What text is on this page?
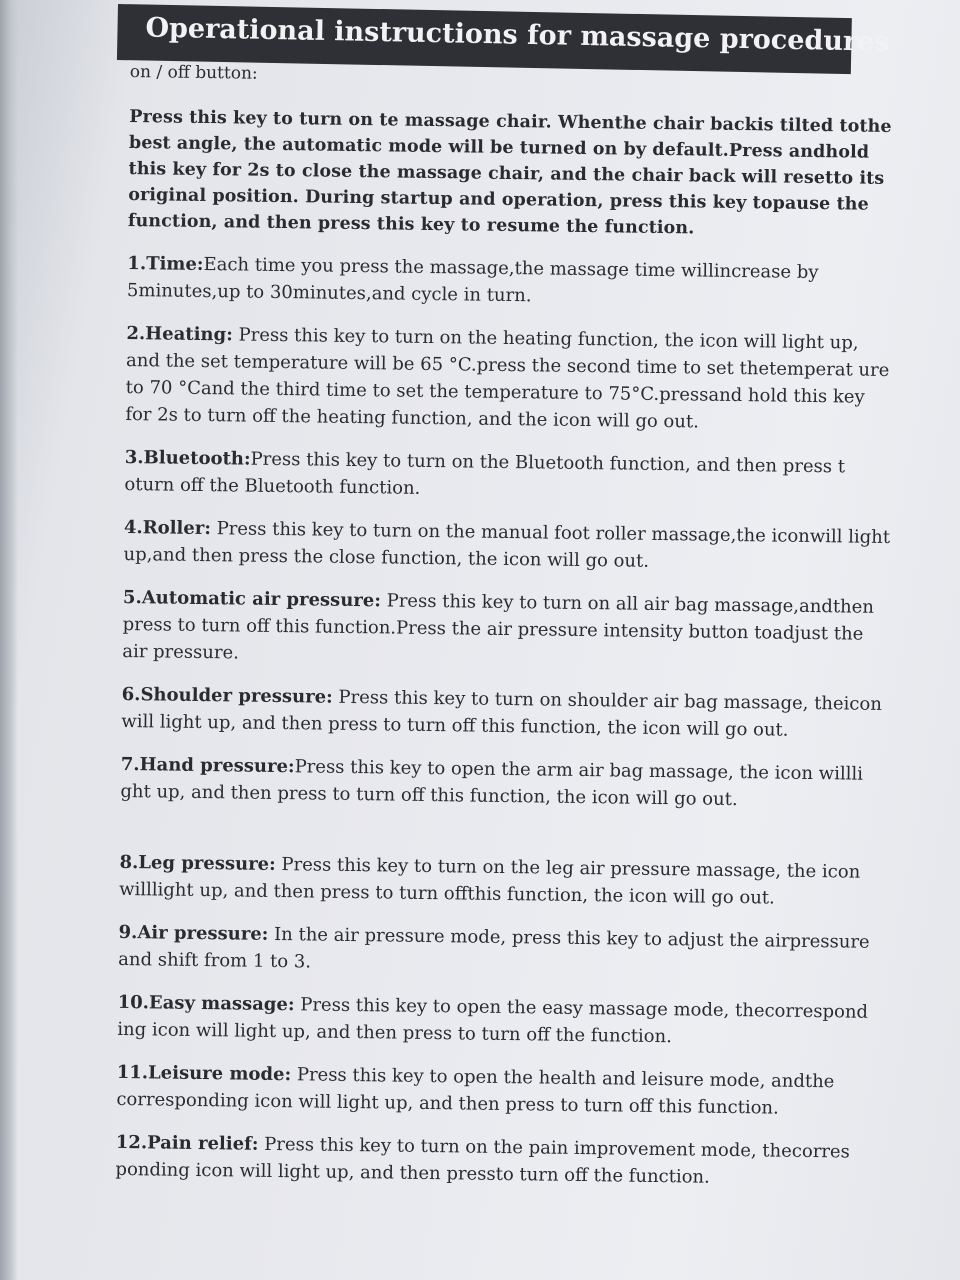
Operational instructions for massage procedures

on / off button:

Press this key to turn on te massage chair. Whenthe chair backis tilted tothe best angle, the automatic mode will be turned on by default.Press andhold this key for 2s to close the massage chair, and the chair back will resetto its original position. During startup and operation, press this key topause the function, and then press this key to resume the function.

1.Time:Each time you press the massage,the massage time willincrease by 5minutes,up to 30minutes,and cycle in turn.

2.Heating: Press this key to turn on the heating function, the icon will light up, and the set temperature will be 65 °C.press the second time to set thetemperat ure to 70 °Cand the third time to set the temperature to 75°C.pressand hold this key for 2s to turn off the heating function, and the icon will go out.

3.Bluetooth:Press this key to turn on the Bluetooth function, and then press t oturn off the Bluetooth function.

4.Roller: Press this key to turn on the manual foot roller massage,the iconwill light up,and then press the close function, the icon will go out.

5.Automatic air pressure: Press this key to turn on all air bag massage,andthen press to turn off this function.Press the air pressure intensity button toadjust the air pressure.

6.Shoulder pressure: Press this key to turn on shoulder air bag massage, theicon will light up, and then press to turn off this function, the icon will go out.

7.Hand pressure:Press this key to open the arm air bag massage, the icon willli ght up, and then press to turn off this function, the icon will go out.

8.Leg pressure: Press this key to turn on the leg air pressure massage, the icon willlight up, and then press to turn offthis function, the icon will go out.

9.Air pressure: In the air pressure mode, press this key to adjust the airpressure and shift from 1 to 3.

10.Easy massage: Press this key to open the easy massage mode, thecorrespond ing icon will light up, and then press to turn off the function.

11.Leisure mode: Press this key to open the health and leisure mode, andthe corresponding icon will light up, and then press to turn off this function.

12.Pain relief: Press this key to turn on the pain improvement mode, thecorres ponding icon will light up, and then pressto turn off the function.
